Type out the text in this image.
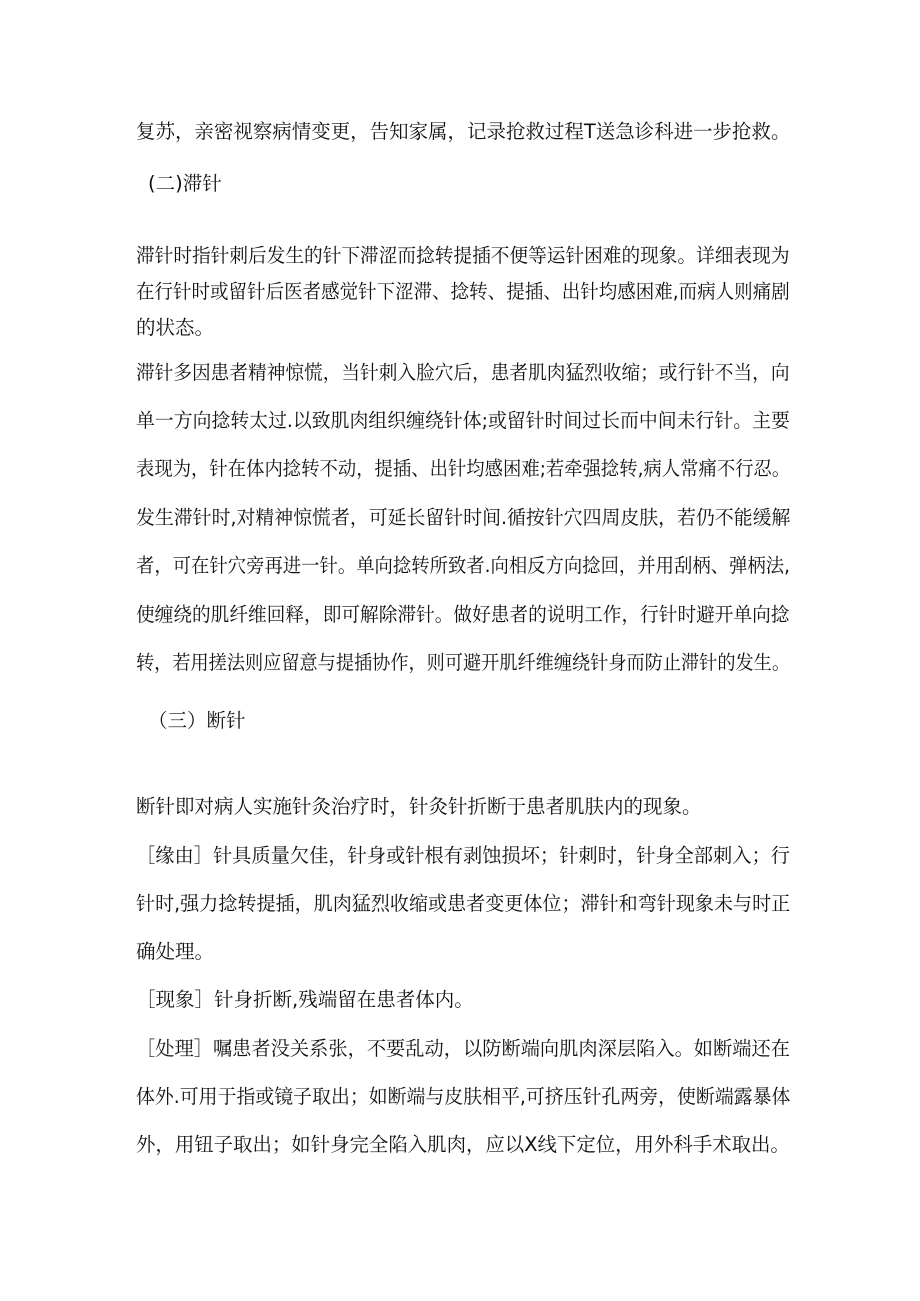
复苏，亲密视察病情变更，告知家属，记录抢救过程T送急诊科进一步抢救。
(二)滞针
滞针时指针刺后发生的针下滞涩而捻转提插不便等运针困难的现象。详细表现为
在行针时或留针后医者感觉针下涩滞、捻转、提插、出针均感困难,而病人则痛剧
的状态。
滞针多因患者精神惊慌，当针刺入脸穴后，患者肌肉猛烈收缩；或行针不当，向
单一方向捻转太过.以致肌肉组织缠绕针体;或留针时间过长而中间未行针。主要
表现为，针在体内捻转不动，提插、出针均感困难;若牵强捻转,病人常痛不行忍。
发生滞针时,对精神惊慌者，可延长留针时间.循按针穴四周皮肤，若仍不能缓解
者，可在针穴旁再进一针。单向捻转所致者.向相反方向捻回，并用刮柄、弹柄法,
使缠绕的肌纤维回释，即可解除滞针。做好患者的说明工作，行针时避开单向捻
转，若用搓法则应留意与提插协作，则可避开肌纤维缠绕针身而防止滞针的发生。
（三）断针
断针即对病人实施针灸治疗时，针灸针折断于患者肌肤内的现象。
［缘由］针具质量欠佳，针身或针根有剥蚀损坏；针刺时，针身全部刺入；行
针时,强力捻转提插，肌肉猛烈收缩或患者变更体位；滞针和弯针现象未与时正
确处理。
［现象］针身折断,残端留在患者体内。
［处理］嘱患者没关系张，不要乱动，以防断端向肌肉深层陷入。如断端还在
体外.可用于指或镜子取出；如断端与皮肤相平,可挤压针孔两旁，使断端露暴体
外，用钮子取出；如针身完全陷入肌肉，应以X线下定位，用外科手术取出。
